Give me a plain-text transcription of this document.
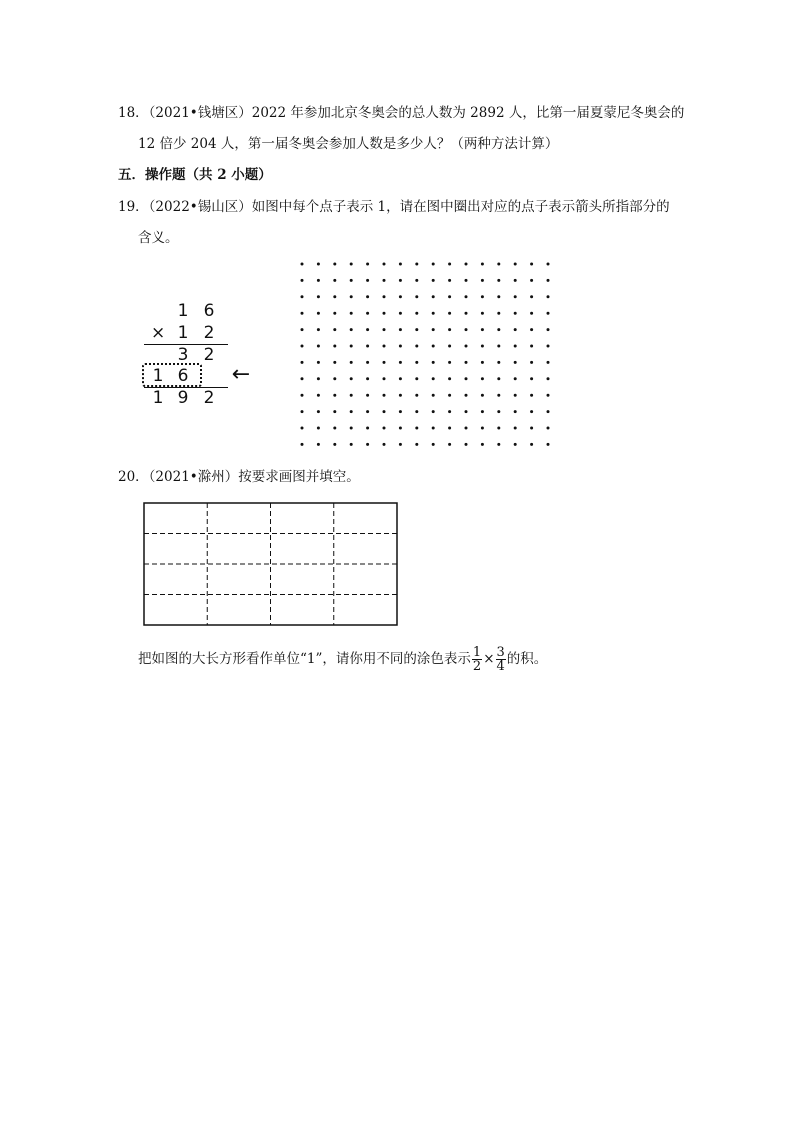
18．（2021•钱塘区）2022 年参加北京冬奥会的总人数为 2892 人，比第一届夏蒙尼冬奥会的
12 倍少 204 人，第一届冬奥会参加人数是多少人？（两种方法计算）
五．操作题（共 2 小题）
19．（2022•锡山区）如图中每个点子表示 1，请在图中圈出对应的点子表示箭头所指部分的
含义。
1 6
× 1 2
3 2
1 6
1 9 2
←
20．（2021•滁州）按要求画图并填空。
把如图的大长方形看作单位“1”，请你用不同的涂色表示 $\frac{1}{2} \times \frac{3}{4}$ 的积。
